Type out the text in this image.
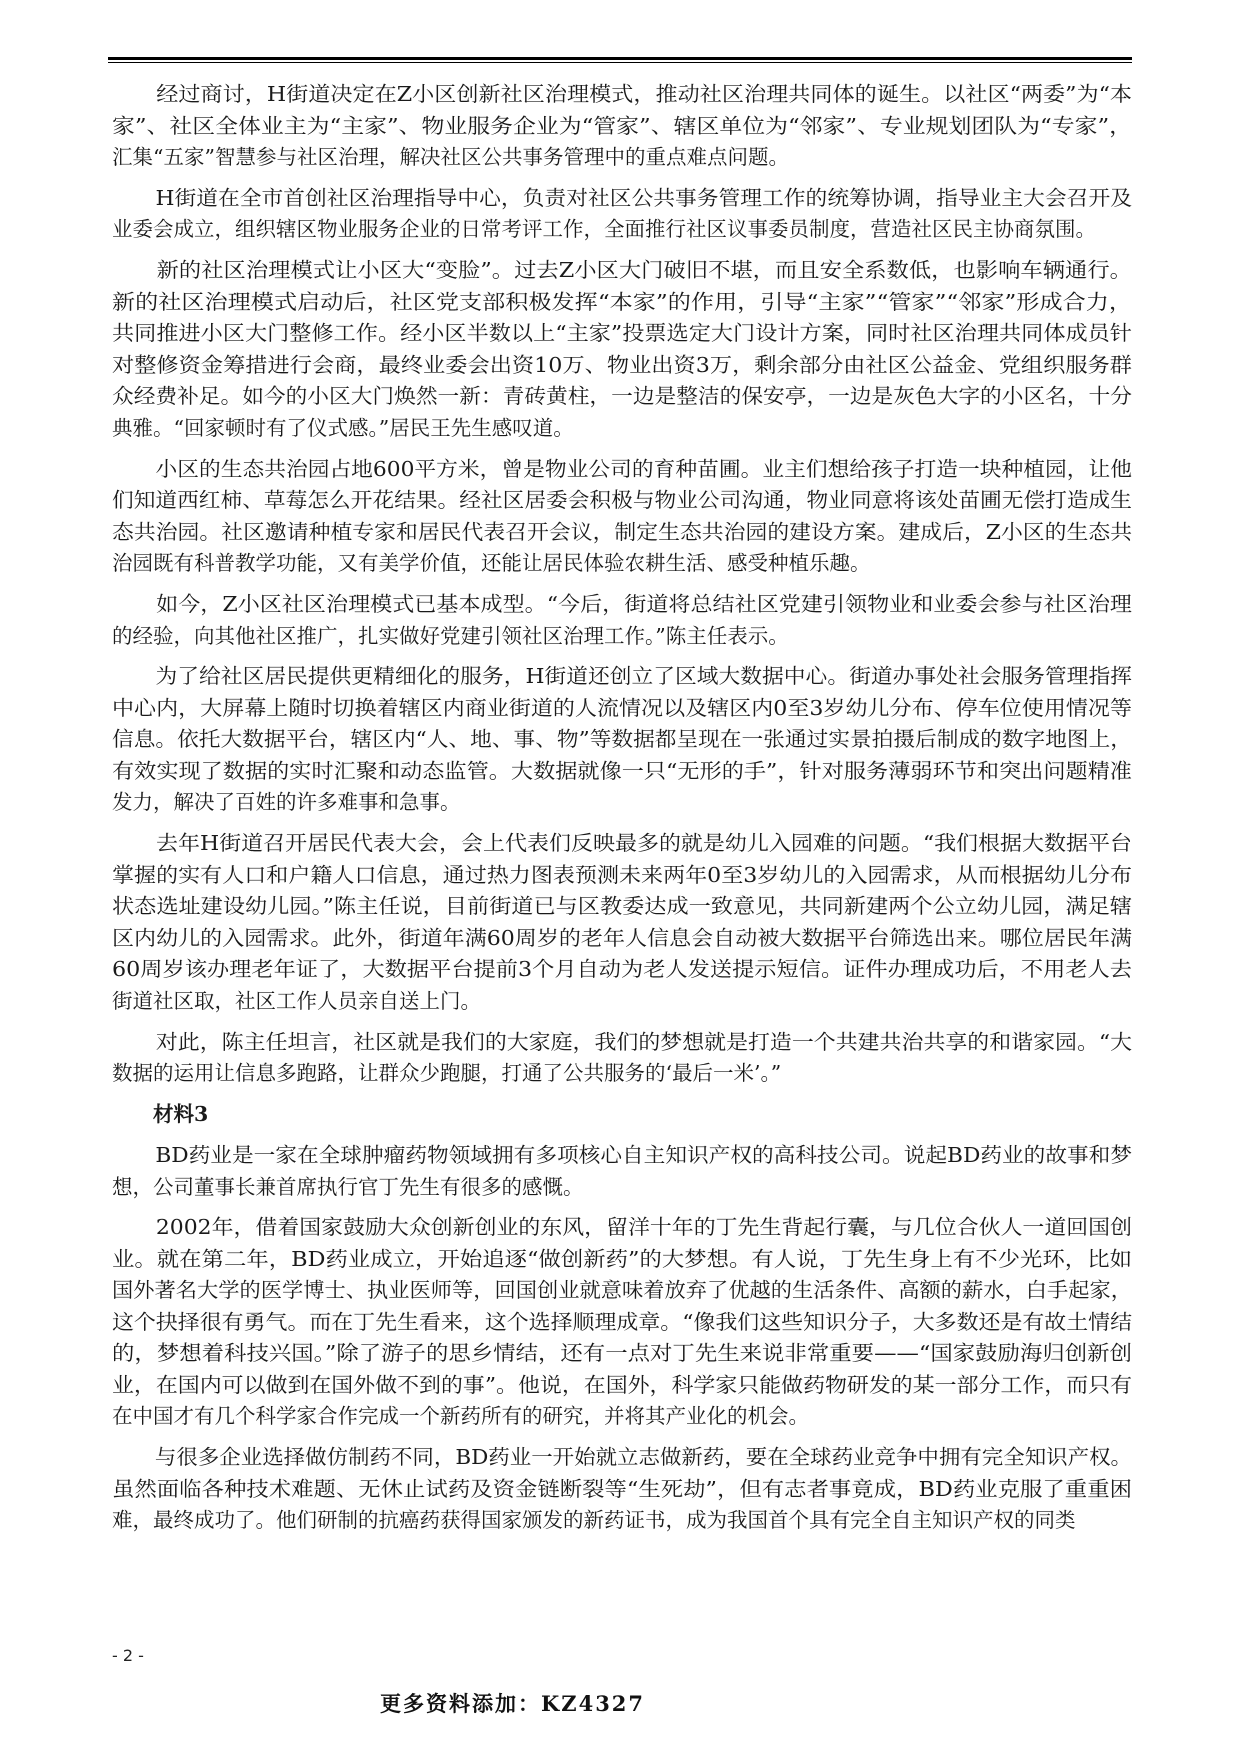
　　经过商讨，H街道决定在Z小区创新社区治理模式，推动社区治理共同体的诞生。以社区“两委”为“本
家”、社区全体业主为“主家”、物业服务企业为“管家”、辖区单位为“邻家”、专业规划团队为“专家”，
汇集“五家”智慧参与社区治理，解决社区公共事务管理中的重点难点问题。
　　H街道在全市首创社区治理指导中心，负责对社区公共事务管理工作的统筹协调，指导业主大会召开及
业委会成立，组织辖区物业服务企业的日常考评工作，全面推行社区议事委员制度，营造社区民主协商氛围。
　　新的社区治理模式让小区大“变脸”。过去Z小区大门破旧不堪，而且安全系数低，也影响车辆通行。
新的社区治理模式启动后，社区党支部积极发挥“本家”的作用，引导“主家”“管家”“邻家”形成合力，
共同推进小区大门整修工作。经小区半数以上“主家”投票选定大门设计方案，同时社区治理共同体成员针
对整修资金筹措进行会商，最终业委会出资10万、物业出资3万，剩余部分由社区公益金、党组织服务群
众经费补足。如今的小区大门焕然一新：青砖黄柱，一边是整洁的保安亭，一边是灰色大字的小区名，十分
典雅。“回家顿时有了仪式感。”居民王先生感叹道。
　　小区的生态共治园占地600平方米，曾是物业公司的育种苗圃。业主们想给孩子打造一块种植园，让他
们知道西红柿、草莓怎么开花结果。经社区居委会积极与物业公司沟通，物业同意将该处苗圃无偿打造成生
态共治园。社区邀请种植专家和居民代表召开会议，制定生态共治园的建设方案。建成后，Z小区的生态共
治园既有科普教学功能，又有美学价值，还能让居民体验农耕生活、感受种植乐趣。
　　如今，Z小区社区治理模式已基本成型。“今后，街道将总结社区党建引领物业和业委会参与社区治理
的经验，向其他社区推广，扎实做好党建引领社区治理工作。”陈主任表示。
　　为了给社区居民提供更精细化的服务，H街道还创立了区域大数据中心。街道办事处社会服务管理指挥
中心内，大屏幕上随时切换着辖区内商业街道的人流情况以及辖区内0至3岁幼儿分布、停车位使用情况等
信息。依托大数据平台，辖区内“人、地、事、物”等数据都呈现在一张通过实景拍摄后制成的数字地图上，
有效实现了数据的实时汇聚和动态监管。大数据就像一只“无形的手”，针对服务薄弱环节和突出问题精准
发力，解决了百姓的许多难事和急事。
　　去年H街道召开居民代表大会，会上代表们反映最多的就是幼儿入园难的问题。“我们根据大数据平台
掌握的实有人口和户籍人口信息，通过热力图表预测未来两年0至3岁幼儿的入园需求，从而根据幼儿分布
状态选址建设幼儿园。”陈主任说，目前街道已与区教委达成一致意见，共同新建两个公立幼儿园，满足辖
区内幼儿的入园需求。此外，街道年满60周岁的老年人信息会自动被大数据平台筛选出来。哪位居民年满
60周岁该办理老年证了，大数据平台提前3个月自动为老人发送提示短信。证件办理成功后，不用老人去
街道社区取，社区工作人员亲自送上门。
　　对此，陈主任坦言，社区就是我们的大家庭，我们的梦想就是打造一个共建共治共享的和谐家园。“大
数据的运用让信息多跑路，让群众少跑腿，打通了公共服务的‘最后一米’。”
　　材料3
　　BD药业是一家在全球肿瘤药物领域拥有多项核心自主知识产权的高科技公司。说起BD药业的故事和梦
想，公司董事长兼首席执行官丁先生有很多的感慨。
　　2002年，借着国家鼓励大众创新创业的东风，留洋十年的丁先生背起行囊，与几位合伙人一道回国创
业。就在第二年，BD药业成立，开始追逐“做创新药”的大梦想。有人说，丁先生身上有不少光环，比如
国外著名大学的医学博士、执业医师等，回国创业就意味着放弃了优越的生活条件、高额的薪水，白手起家，
这个抉择很有勇气。而在丁先生看来，这个选择顺理成章。“像我们这些知识分子，大多数还是有故土情结
的，梦想着科技兴国。”除了游子的思乡情结，还有一点对丁先生来说非常重要——“国家鼓励海归创新创
业，在国内可以做到在国外做不到的事”。他说，在国外，科学家只能做药物研发的某一部分工作，而只有
在中国才有几个科学家合作完成一个新药所有的研究，并将其产业化的机会。
　　与很多企业选择做仿制药不同，BD药业一开始就立志做新药，要在全球药业竞争中拥有完全知识产权。
虽然面临各种技术难题、无休止试药及资金链断裂等“生死劫”，但有志者事竟成，BD药业克服了重重困
难，最终成功了。他们研制的抗癌药获得国家颁发的新药证书，成为我国首个具有完全自主知识产权的同类
- 2 -
更多资料添加：KZ4327
